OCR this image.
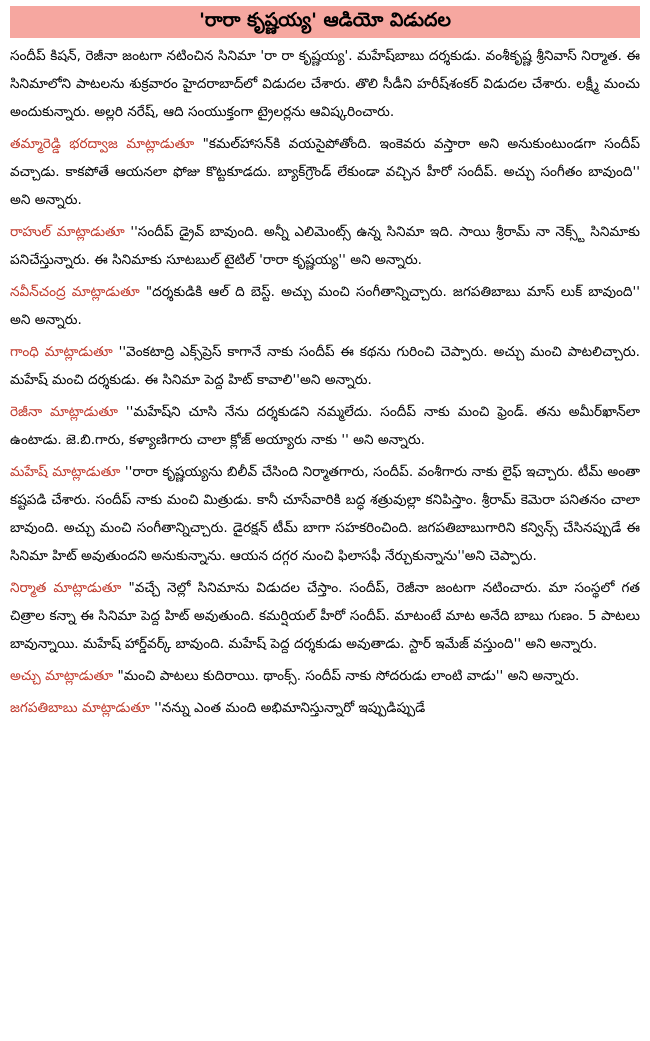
'రారా కృష్ణయ్య' ఆడియో విడుదల

సందీప్ కిషన్, రెజీనా జంటగా నటించిన సినిమా 'రా రా కృష్ణయ్య'. మహేష్‌బాబు దర్శకుడు. వంశీకృష్ణ శ్రీనివాస్ నిర్మాత. ఈ సినిమాలోని పాటలను శుక్రవారం హైదరాబాద్‌లో విడుదల చేశారు. తొలి సీడీని హరీష్‌శంకర్ విడుదల చేశారు. లక్ష్మీ మంచు అందుకున్నారు. అల్లరి నరేష్, ఆది సంయుక్తంగా ట్రైలర్లను ఆవిష్కరించారు.

తమ్మారెడ్డి భరద్వాజ మాట్లాడుతూ "కమల్‌హాసన్‌కి వయసైపోతోంది. ఇంకెవరు వస్తారా అని అనుకుంటుండగా సందీప్ వచ్చాడు. కాకపోతే ఆయనలా ఫోజు కొట్టకూడదు. బ్యాక్‌గ్రౌండ్ లేకుండా వచ్చిన హీరో సందీప్. అచ్చు సంగీతం బావుంది'' అని అన్నారు.

రాహుల్ మాట్లాడుతూ ''సందీప్ డ్రైవ్ బావుంది. అన్నీ ఎలిమెంట్స్ ఉన్న సినిమా ఇది. సాయి శ్రీరామ్ నా నెక్స్ట్ సినిమాకు పనిచేస్తున్నారు. ఈ సినిమాకు సూటబుల్ టైటిల్ 'రారా కృష్ణయ్య'' అని అన్నారు.

నవీన్‌చంద్ర మాట్లాడుతూ "దర్శకుడికి ఆల్ ది బెస్ట్. అచ్చు మంచి సంగీతాన్నిచ్చారు. జగపతిబాబు మాస్ లుక్ బావుంది'' అని అన్నారు.

గాంధి మాట్లాడుతూ ''వెంకటాద్రి ఎక్స్‌ప్రెస్ కాగానే నాకు సందీప్ ఈ కథను గురించి చెప్పారు. అచ్చు మంచి పాటలిచ్చారు. మహేష్ మంచి దర్శకుడు. ఈ సినిమా పెద్ద హిట్ కావాలి''అని అన్నారు.

రెజీనా మాట్లాడుతూ ''మహేష్‌ని చూసి నేను దర్శకుడని నమ్మలేదు. సందీప్ నాకు మంచి ఫ్రెండ్. తను అమీర్‌ఖాన్‌లా ఉంటాడు. జె.బి.గారు, కళ్యాణిగారు చాలా క్లోజ్ అయ్యారు నాకు '' అని అన్నారు.

మహేష్ మాట్లాడుతూ ''రారా కృష్ణయ్యను బిలీవ్ చేసింది నిర్మాతగారు, సందీప్. వంశీగారు నాకు లైఫ్ ఇచ్చారు. టీమ్ అంతా కష్టపడి చేశారు. సందీప్ నాకు మంచి మిత్రుడు. కానీ చూసేవారికి బద్ధ శత్రువుల్లా కనిపిస్తాం. శ్రీరామ్ కెమెరా పనితనం చాలా బావుంది. అచ్చు మంచి సంగీతాన్నిచ్చారు. డైరక్షన్ టీమ్ బాగా సహకరించింది. జగపతిబాబుగారిని కన్విన్స్ చేసినప్పుడే ఈ సినిమా హిట్ అవుతుందని అనుకున్నాను. ఆయన దగ్గర నుంచి ఫిలాసఫీ నేర్చుకున్నాను''అని చెప్పారు.

నిర్మాత మాట్లాడుతూ "వచ్చే నెల్లో సినిమాను విడుదల చేస్తాం. సందీప్, రెజీనా జంటగా నటించారు. మా సంస్థలో గత చిత్రాల కన్నా ఈ సినిమా పెద్ద హిట్ అవుతుంది. కమర్షియల్ హీరో సందీప్. మాటంటే మాట అనేది బాబు గుణం. 5 పాటలు బావున్నాయి. మహేష్ హార్డ్‌వర్క్ బావుంది. మహేష్ పెద్ద దర్శకుడు అవుతాడు. స్టార్ ఇమేజ్ వస్తుంది'' అని అన్నారు.

అచ్చు మాట్లాడుతూ "మంచి పాటలు కుదిరాయి. థాంక్స్. సందీప్ నాకు సోదరుడు లాంటి వాడు'' అని అన్నారు.

జగపతిబాబు మాట్లాడుతూ ''నన్ను ఎంత మంది అభిమానిస్తున్నారో ఇప్పుడిప్పుడే
